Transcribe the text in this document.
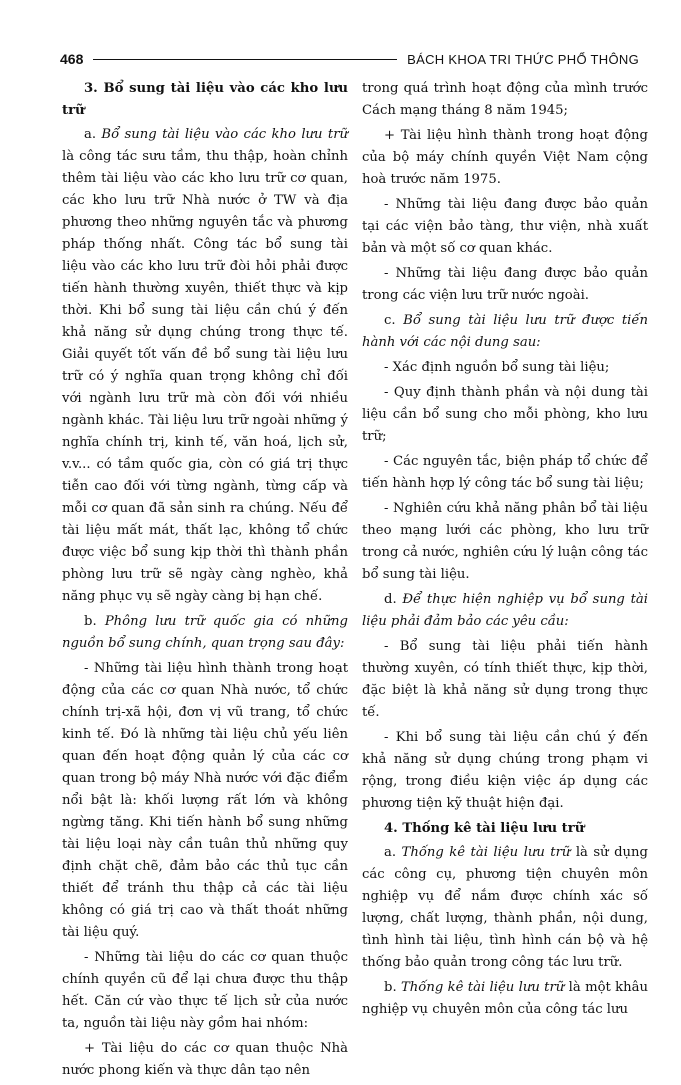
468	BÁCH KHOA TRI THỨC PHỔ THÔNG
3. Bổ sung tài liệu vào các kho lưu trữ

a. Bổ sung tài liệu vào các kho lưu trữ là công tác sưu tầm, thu thập, hoàn chỉnh thêm tài liệu vào các kho lưu trữ cơ quan, các kho lưu trữ Nhà nước ở TW và địa phương theo những nguyên tắc và phương pháp thống nhất. Công tác bổ sung tài liệu vào các kho lưu trữ đòi hỏi phải được tiến hành thường xuyên, thiết thực và kịp thời. Khi bổ sung tài liệu cần chú ý đến khả năng sử dụng chúng trong thực tế. Giải quyết tốt vấn đề bổ sung tài liệu lưu trữ có ý nghĩa quan trọng không chỉ đối với ngành lưu trữ mà còn đối với nhiều ngành khác. Tài liệu lưu trữ ngoài những ý nghĩa chính trị, kinh tế, văn hoá, lịch sử, v.v... có tầm quốc gia, còn có giá trị thực tiễn cao đối với từng ngành, từng cấp và mỗi cơ quan đã sản sinh ra chúng. Nếu để tài liệu mất mát, thất lạc, không tổ chức được việc bổ sung kịp thời thì thành phần phòng lưu trữ sẽ ngày càng nghèo, khả năng phục vụ sẽ ngày càng bị hạn chế.

b. Phông lưu trữ quốc gia có những nguồn bổ sung chính, quan trọng sau đây:

- Những tài liệu hình thành trong hoạt động của các cơ quan Nhà nước, tổ chức chính trị-xã hội, đơn vị vũ trang, tổ chức kinh tế. Đó là những tài liệu chủ yếu liên quan đến hoạt động quản lý của các cơ quan trong bộ máy Nhà nước với đặc điểm nổi bật là: khối lượng rất lớn và không ngừng tăng. Khi tiến hành bổ sung những tài liệu loại này cần tuân thủ những quy định chặt chẽ, đảm bảo các thủ tục cần thiết để tránh thu thập cả các tài liệu không có giá trị cao và thất thoát những tài liệu quý.

- Những tài liệu do các cơ quan thuộc chính quyền cũ để lại chưa được thu thập hết. Căn cứ vào thực tế lịch sử của nước ta, nguồn tài liệu này gồm hai nhóm:

+ Tài liệu do các cơ quan thuộc Nhà nước phong kiến và thực dân tạo nên

trong quá trình hoạt động của mình trước Cách mạng tháng 8 năm 1945;

+ Tài liệu hình thành trong hoạt động của bộ máy chính quyền Việt Nam cộng hoà trước năm 1975.

- Những tài liệu đang được bảo quản tại các viện bảo tàng, thư viện, nhà xuất bản và một số cơ quan khác.

- Những tài liệu đang được bảo quản trong các viện lưu trữ nước ngoài.

c. Bổ sung tài liệu lưu trữ được tiến hành với các nội dung sau:

- Xác định nguồn bổ sung tài liệu;

- Quy định thành phần và nội dung tài liệu cần bổ sung cho mỗi phòng, kho lưu trữ;

- Các nguyên tắc, biện pháp tổ chức để tiến hành hợp lý công tác bổ sung tài liệu;

- Nghiên cứu khả năng phân bổ tài liệu theo mạng lưới các phòng, kho lưu trữ trong cả nước, nghiên cứu lý luận công tác bổ sung tài liệu.

d. Để thực hiện nghiệp vụ bổ sung tài liệu phải đảm bảo các yêu cầu:

- Bổ sung tài liệu phải tiến hành thường xuyên, có tính thiết thực, kịp thời, đặc biệt là khả năng sử dụng trong thực tế.

- Khi bổ sung tài liệu cần chú ý đến khả năng sử dụng chúng trong phạm vi rộng, trong điều kiện việc áp dụng các phương tiện kỹ thuật hiện đại.

4. Thống kê tài liệu lưu trữ

a. Thống kê tài liệu lưu trữ là sử dụng các công cụ, phương tiện chuyên môn nghiệp vụ để nắm được chính xác số lượng, chất lượng, thành phần, nội dung, tình hình tài liệu, tình hình cán bộ và hệ thống bảo quản trong công tác lưu trữ.

b. Thống kê tài liệu lưu trữ là một khâu nghiệp vụ chuyên môn của công tác lưu
